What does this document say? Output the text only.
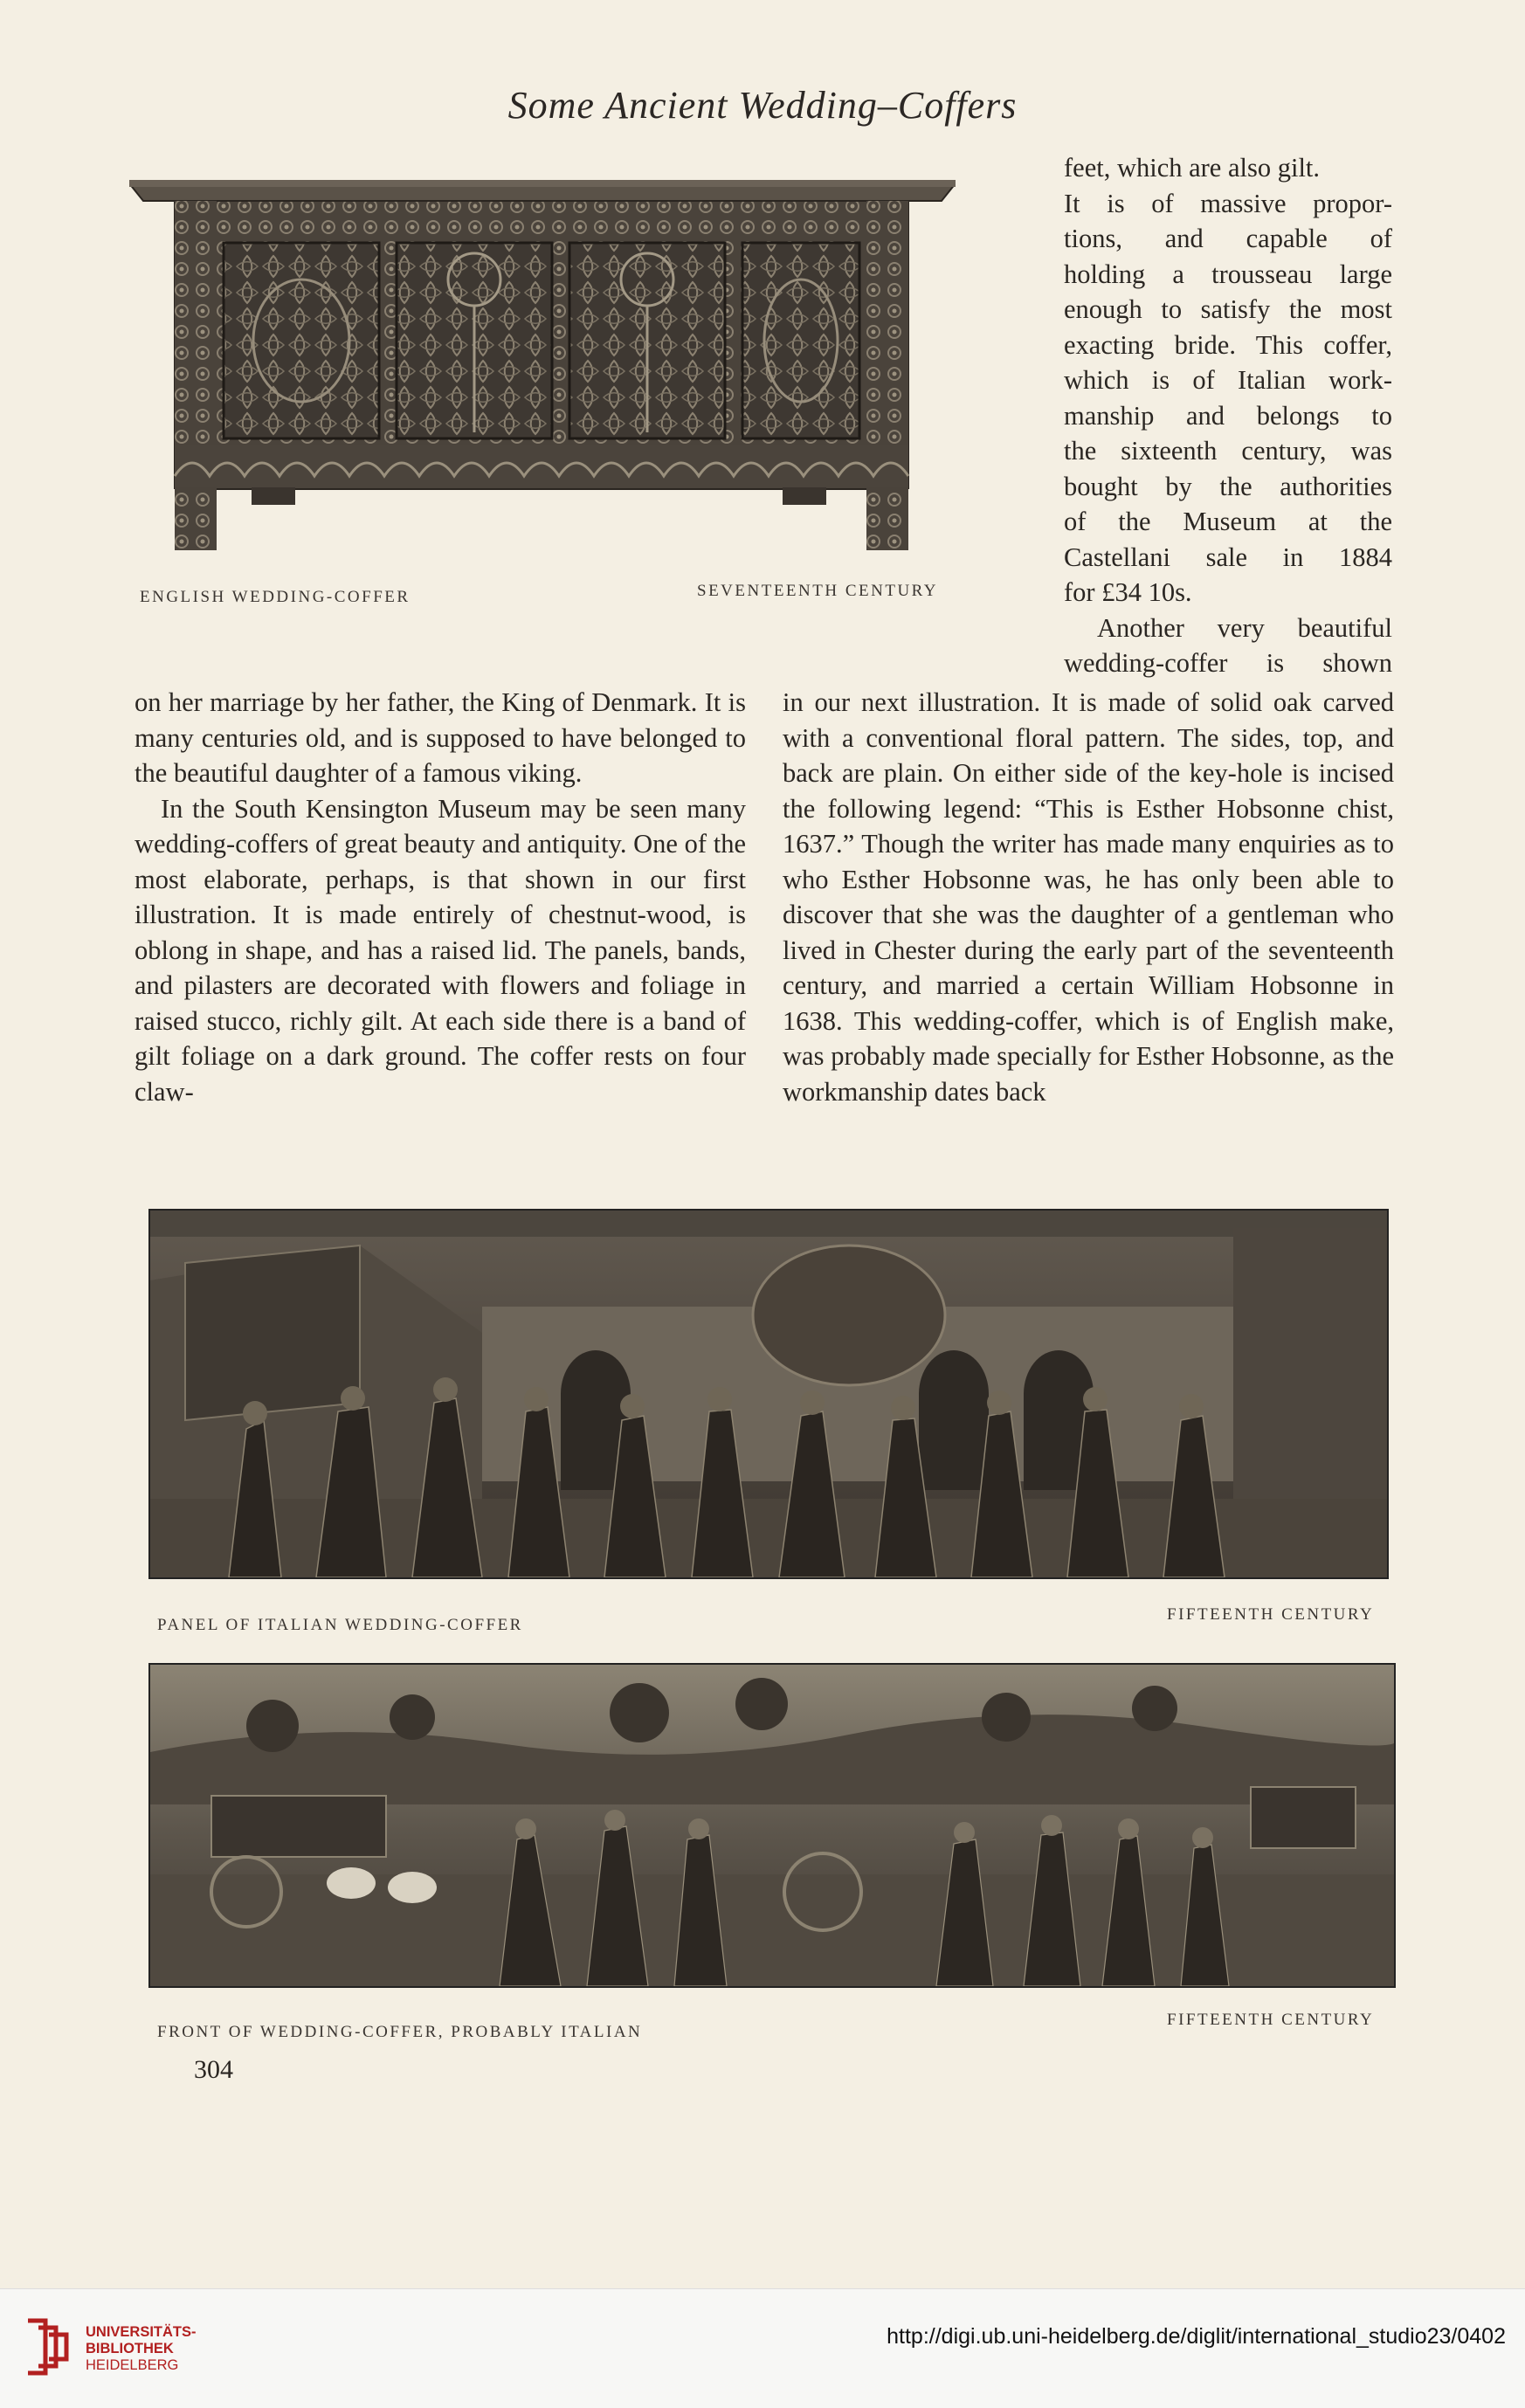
Some Ancient Wedding–Coffers
ENGLISH WEDDING-COFFER	SEVENTEENTH CENTURY
feet, which are also gilt.
It is of massive propor-
tions, and capable of
holding a trousseau large
enough to satisfy the most
exacting bride. This coffer,
which is of Italian work-
manship and belongs to
the sixteenth century, was
bought by the authorities
of the Museum at the
Castellani sale in 1884
for £34 10s.
Another very beautiful
wedding-coffer is shown

on her marriage by her father, the King of Denmark. It is many centuries old, and is supposed to have belonged to the beautiful daughter of a famous viking.

In the South Kensington Museum may be seen many wedding-coffers of great beauty and antiquity. One of the most elaborate, perhaps, is that shown in our first illustration. It is made entirely of chestnut-wood, is oblong in shape, and has a raised lid. The panels, bands, and pilasters are decorated with flowers and foliage in raised stucco, richly gilt. At each side there is a band of gilt foliage on a dark ground. The coffer rests on four claw-

in our next illustration. It is made of solid oak carved with a conventional floral pattern. The sides, top, and back are plain. On either side of the key-hole is incised the following legend: “This is Esther Hobsonne chist, 1637.” Though the writer has made many enquiries as to who Esther Hobsonne was, he has only been able to discover that she was the daughter of a gentleman who lived in Chester during the early part of the seventeenth century, and married a certain William Hobsonne in 1638. This wedding-coffer, which is of English make, was probably made specially for Esther Hobsonne, as the workmanship dates back

PANEL OF ITALIAN WEDDING-COFFER
FIFTEENTH CENTURY
FRONT OF WEDDING-COFFER, PROBABLY ITALIAN
FIFTEENTH CENTURY
304
UNIVERSITÄTS-
BIBLIOTHEK
HEIDELBERG
http://digi.ub.uni-heidelberg.de/diglit/international_studio23/0402
